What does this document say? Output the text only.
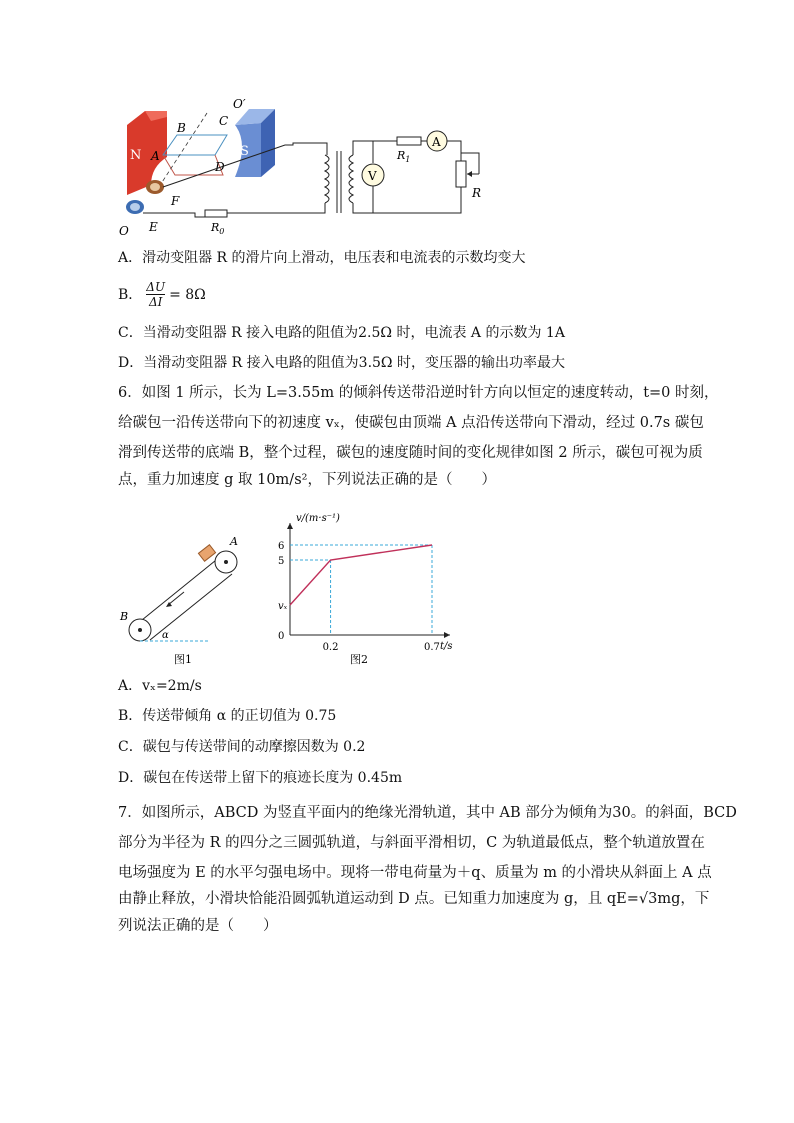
N	S
B	C
O′
A
D
F
O E	$R_0$
$R_1$
A
R
V
A．滑动变阻器 R 的滑片向上滑动，电压表和电流表的示数均变大
B． ΔU
ΔI = 8Ω
C．当滑动变阻器 R 接入电路的阻值为2.5Ω 时，电流表 A 的示数为 1A
D．当滑动变阻器 R 接入电路的阻值为3.5Ω 时，变压器的输出功率最大
6．如图 1 所示，长为 L=3.55m 的倾斜传送带沿逆时针方向以恒定的速度转动，t=0 时刻，
给碳包一沿传送带向下的初速度 vₓ，使碳包由顶端 A 点沿传送带向下滑动，经过 0.7s 碳包
滑到传送带的底端 B，整个过程，碳包的速度随时间的变化规律如图 2 所示，碳包可视为质
点，重力加速度 g 取 10m/s²，下列说法正确的是（　　）
A
B
α
图1
v/(m·s⁻¹)
t/s
图2
6
5
vₓ
0
0.2	0.7
A．vₓ=2m/s
B．传送带倾角 α 的正切值为 0.75
C．碳包与传送带间的动摩擦因数为 0.2
D．碳包在传送带上留下的痕迹长度为 0.45m
7．如图所示，ABCD 为竖直平面内的绝缘光滑轨道，其中 AB 部分为倾角为30。的斜面，BCD
部分为半径为 R 的四分之三圆弧轨道，与斜面平滑相切，C 为轨道最低点，整个轨道放置在
电场强度为 E 的水平匀强电场中。现将一带电荷量为＋q、质量为 m 的小滑块从斜面上 A 点
由静止释放，小滑块恰能沿圆弧轨道运动到 D 点。已知重力加速度为 g，且 qE=√3mg，下
列说法正确的是（　　）
